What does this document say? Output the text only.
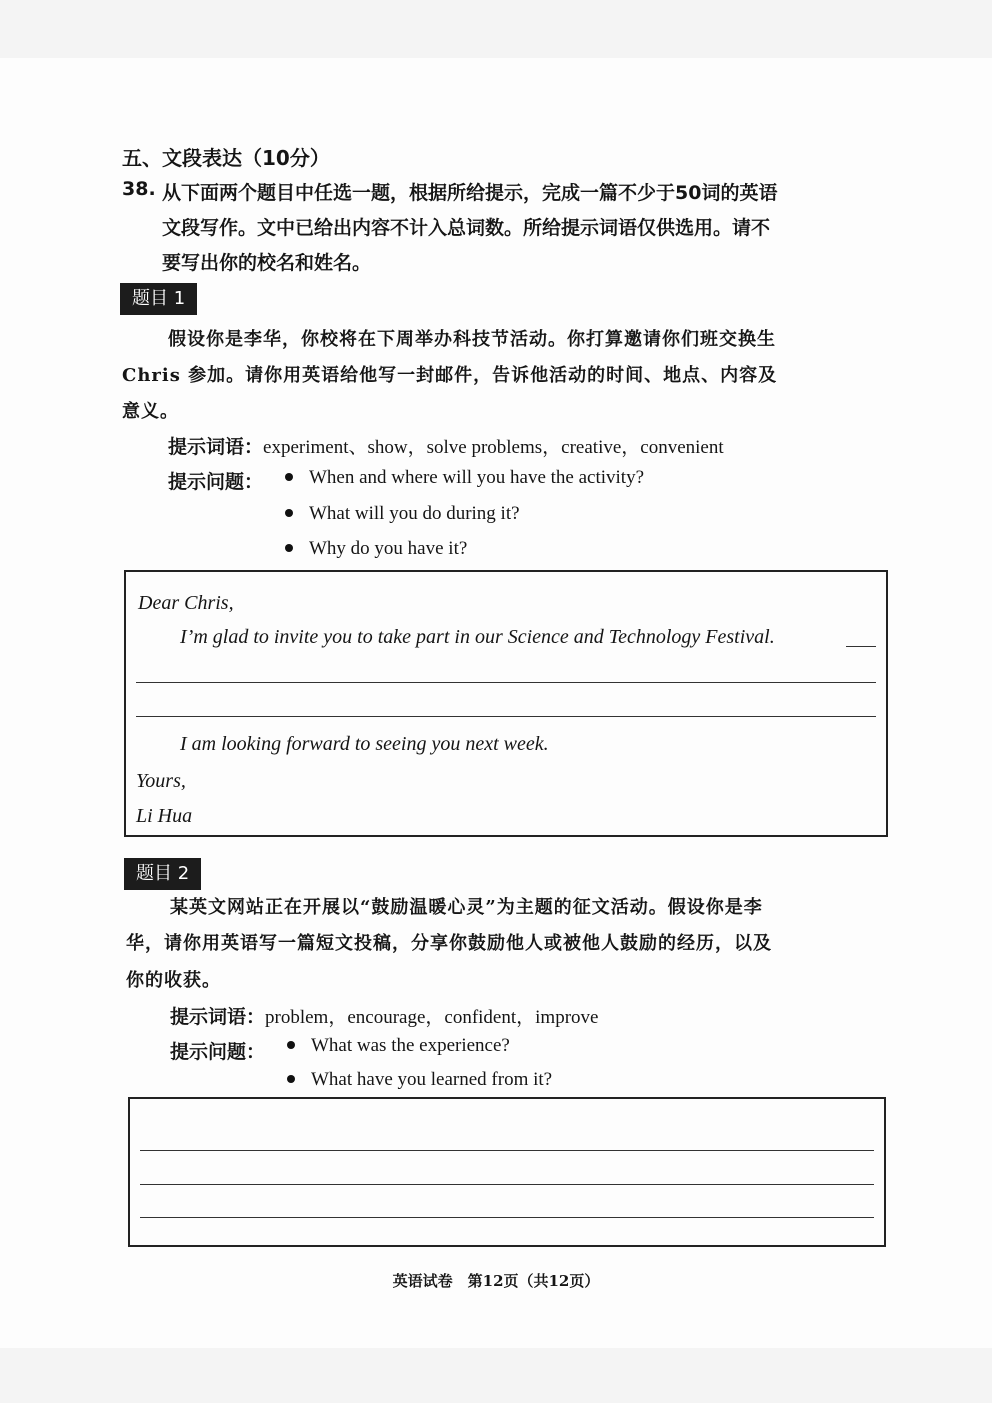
五、文段表达（10分）
38. 从下面两个题目中任选一题，根据所给提示，完成一篇不少于50词的英语
文段写作。文中已给出内容不计入总词数。所给提示词语仅供选用。请不
要写出你的校名和姓名。
题目 1
假设你是李华，你校将在下周举办科技节活动。你打算邀请你们班交换生
Chris 参加。请你用英语给他写一封邮件，告诉他活动的时间、地点、内容及
意义。
提示词语：experiment、show，solve problems，creative，convenient
提示问题：	When and where will you have the activity?
What will you do during it?
Why do you have it?
Dear Chris,
I’m glad to invite you to take part in our Science and Technology Festival.
I am looking forward to seeing you next week.
Yours,
Li Hua
题目 2
某英文网站正在开展以“鼓励温暖心灵”为主题的征文活动。假设你是李
华，请你用英语写一篇短文投稿，分享你鼓励他人或被他人鼓励的经历，以及
你的收获。
提示词语：problem，encourage，confident，improve
提示问题：	What was the experience?
What have you learned from it?
英语试卷　第12页（共12页）
